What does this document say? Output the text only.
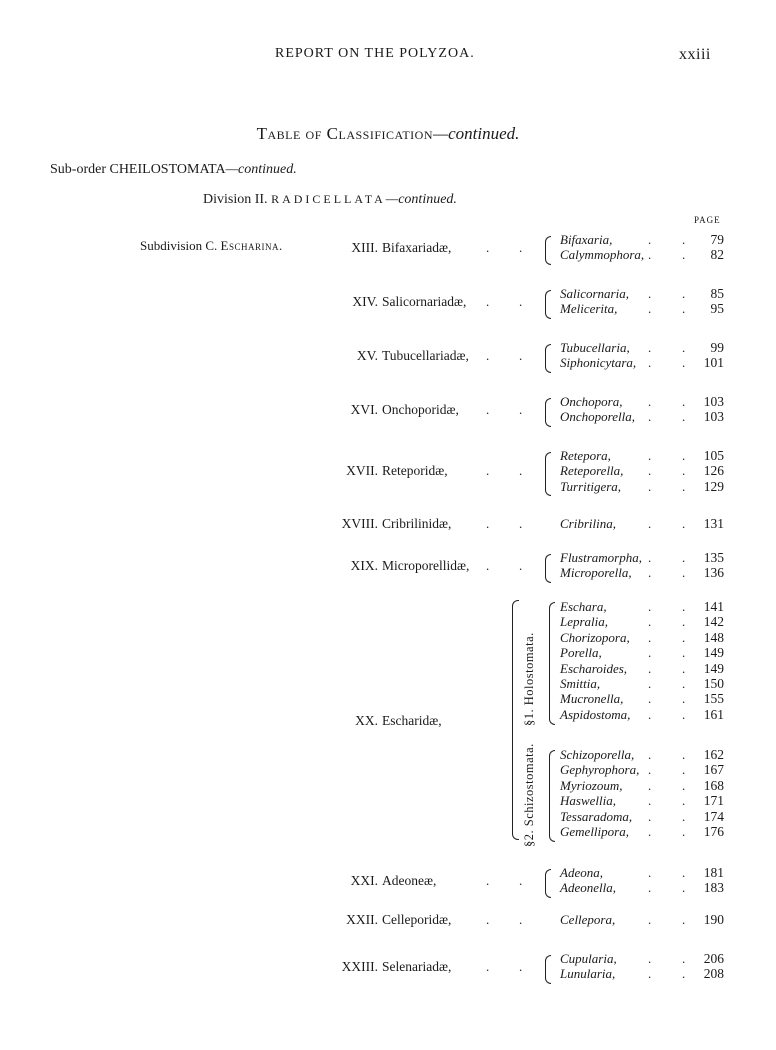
REPORT ON THE POLYZOA.	xxiii
Table of Classification—continued.
Sub-order CHEILOSTOMATA—continued.
Division II. RADICELLATA—continued.
PAGE
Subdivision C. Escharina.	XIII. Bifaxariadæ,	. .
Bifaxaria,	. .	79
Calymmophora, . .	82
XIV. Salicornariadæ, . .
Salicornaria, . .	85
Melicerita, . .	95
XV. Tubucellariadæ, . .
Tubucellaria, . .	99
Siphonicytara, . .	101
XVI. Onchoporidæ, . .
Onchopora, . .	103
Onchoporella, . .	103
XVII. Reteporidæ,	. .
Retepora,	. .	105
Reteporella, . .	126
Turritigera, . .	129
XVIII. Cribrilinidæ,	. .	Cribrilina, . .	131
XIX. Microporellidæ, . .
Flustramorpha, . .	135
Microporella, . .	136
XX. Escharidæ,	§1. Holostomata.
Eschara,	. .	141
Lepralia,	. .	142
Chorizopora, . .	148
Porella,	. .	149
Escharoides, . .	149
Smittia,	. .	150
Mucronella, . .	155
Aspidostoma, . .	161
§2. Schizostomata. Schizoporella, . .	162
Gephyrophora, . .	167
Myriozoum, . .	168
Haswellia, . .	171
Tessaradoma, . .	174
Gemellipora, . .	176
XXI. Adeoneæ,	. .
Adeona,	. .	181
Adeonella, . .	183
XXII. Celleporidæ,	. .	Cellepora,	. .	190
XXIII. Selenariadæ,	. .
Cupularia, . .	206
Lunularia,	. .	208
